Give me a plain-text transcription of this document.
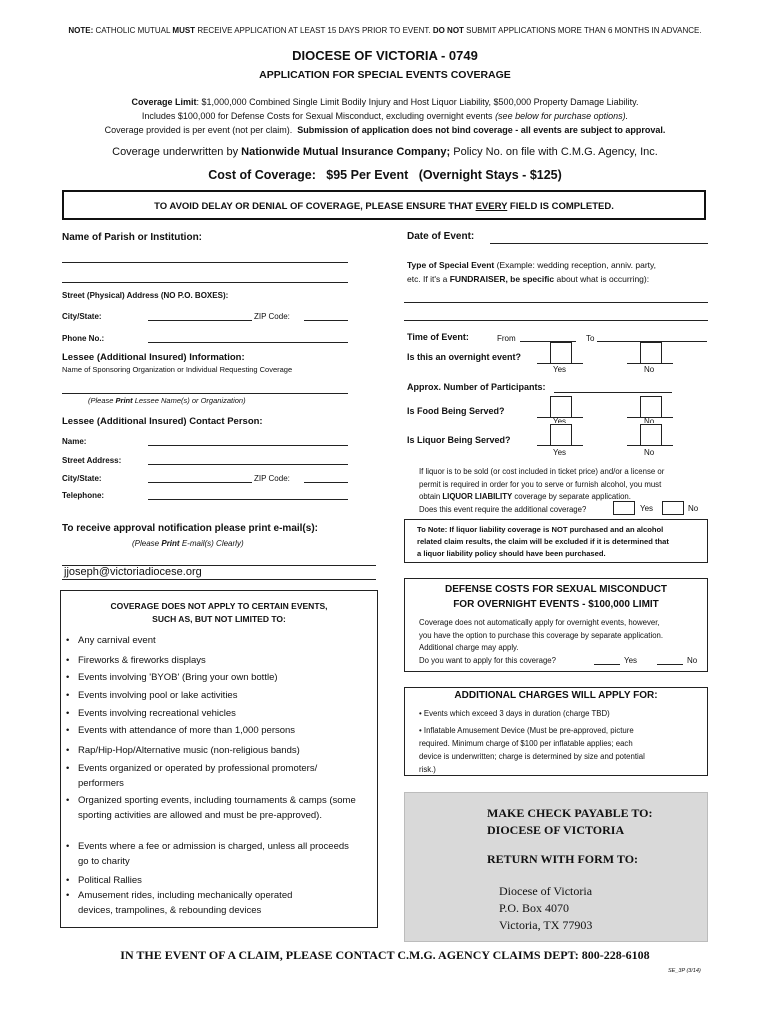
NOTE: CATHOLIC MUTUAL MUST RECEIVE APPLICATION AT LEAST 15 DAYS PRIOR TO EVENT. DO NOT SUBMIT APPLICATIONS MORE THAN 6 MONTHS IN ADVANCE.
DIOCESE OF VICTORIA - 0749
APPLICATION FOR SPECIAL EVENTS COVERAGE
Coverage Limit: $1,000,000 Combined Single Limit Bodily Injury and Host Liquor Liability, $500,000 Property Damage Liability.
Includes $100,000 for Defense Costs for Sexual Misconduct, excluding overnight events (see below for purchase options).
Coverage provided is per event (not per claim). Submission of application does not bind coverage - all events are subject to approval.
Coverage underwritten by Nationwide Mutual Insurance Company; Policy No. on file with C.M.G. Agency, Inc.
Cost of Coverage:   $95 Per Event   (Overnight Stays - $125)
TO AVOID DELAY OR DENIAL OF COVERAGE, PLEASE ENSURE THAT EVERY FIELD IS COMPLETED.
Name of Parish or Institution:
Street (Physical) Address (NO P.O. BOXES):
City/State:	ZIP Code:
Phone No.:
Lessee (Additional Insured) Information:
Name of Sponsoring Organization or Individual Requesting Coverage
(Please Print Lessee Name(s) or Organization)
Lessee (Additional Insured) Contact Person:
Name:
Street Address:
City/State:	ZIP Code:
Telephone:
To receive approval notification please print e-mail(s):
(Please Print E-mail(s) Clearly)
jjoseph@victoriadiocese.org
COVERAGE DOES NOT APPLY TO CERTAIN EVENTS,
SUCH AS, BUT NOT LIMITED TO:
• Any carnival event
• Fireworks & fireworks displays
• Events involving 'BYOB' (Bring your own bottle)
• Events involving pool or lake activities
• Events involving recreational vehicles
• Events with attendance of more than 1,000 persons
• Rap/Hip-Hop/Alternative music (non-religious bands)
• Events organized or operated by professional promoters/ performers
• Organized sporting events, including tournaments & camps (some sporting activities are allowed and must be pre-approved).
• Events where a fee or admission is charged, unless all proceeds go to charity
• Political Rallies
• Amusement rides, including mechanically operated devices, trampolines, & rebounding devices
Date of Event:
Type of Special Event (Example: wedding reception, anniv. party,
etc. If it's a FUNDRAISER, be specific about what is occurring):
Time of Event:	From	To
Is this an overnight event?
Yes	No
Approx. Number of Participants:
Is Food Being Served?
Yes	No
Is Liquor Being Served?
Yes	No
If liquor is to be sold (or cost included in ticket price) and/or a license or
permit is required in order for you to serve or furnish alcohol, you must
obtain LIQUOR LIABILITY coverage by separate application.
Does this event require the additional coverage?	Yes	No
To Note: If liquor liability coverage is NOT purchased and an alcohol
related claim results, the claim will be excluded if it is determined that
a liquor liability policy should have been purchased.
DEFENSE COSTS FOR SEXUAL MISCONDUCT
FOR OVERNIGHT EVENTS - $100,000 LIMIT
Coverage does not automatically apply for overnight events, however,
you have the option to purchase this coverage by separate application.
Additional charge may apply.
Do you want to apply for this coverage?	Yes	No
ADDITIONAL CHARGES WILL APPLY FOR:
• Events which exceed 3 days in duration (charge TBD)
• Inflatable Amusement Device (Must be pre-approved, picture
required. Minimum charge of $100 per inflatable applies; each
device is underwritten; charge is determined by size and potential
risk.)
MAKE CHECK PAYABLE TO:
DIOCESE OF VICTORIA
RETURN WITH FORM TO:
Diocese of Victoria
P.O. Box 4070
Victoria, TX 77903
IN THE EVENT OF A CLAIM, PLEASE CONTACT C.M.G. AGENCY CLAIMS DEPT: 800-228-6108
SE_3P (3/14)
